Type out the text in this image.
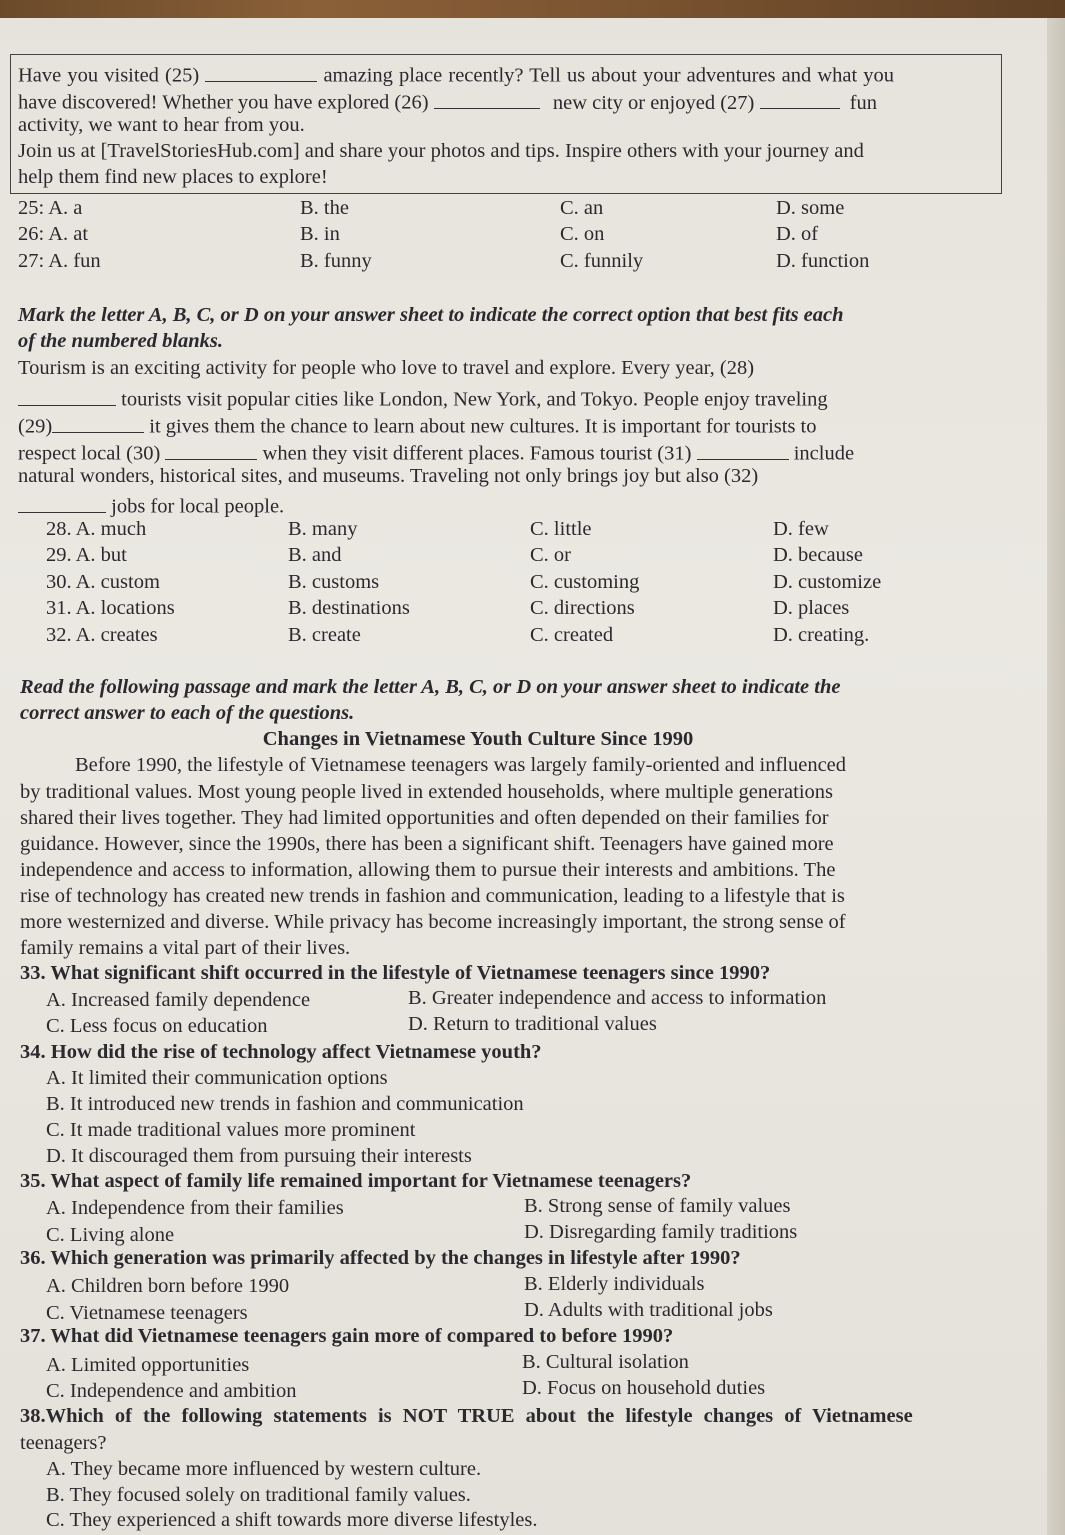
Have you visited (25)	amazing place recently? Tell us about your adventures and what you
have discovered! Whether you have explored (26)	new city or enjoyed (27)	fun
activity, we want to hear from you.
Join us at [TravelStoriesHub.com] and share your photos and tips. Inspire others with your journey and
help them find new places to explore!
25: A. a	B. the	C. an	D. some
26: A. at	B. in	C. on	D. of
27: A. fun	B. funny	C. funnily	D. function
Mark the letter A, B, C, or D on your answer sheet to indicate the correct option that best fits each
of the numbered blanks.
Tourism is an exciting activity for people who love to travel and explore. Every year, (28)
tourists visit popular cities like London, New York, and Tokyo. People enjoy traveling
(29)	it gives them the chance to learn about new cultures. It is important for tourists to
respect local (30)	when they visit different places. Famous tourist (31)	include
natural wonders, historical sites, and museums. Traveling not only brings joy but also (32)
jobs for local people.
28. A. much	B. many	C. little	D. few
29. A. but	B. and	C. or	D. because
30. A. custom	B. customs	C. customing	D. customize
31. A. locations	B. destinations	C. directions	D. places
32. A. creates	B. create	C. created	D. creating.
Read the following passage and mark the letter A, B, C, or D on your answer sheet to indicate the
correct answer to each of the questions.
Changes in Vietnamese Youth Culture Since 1990
Before 1990, the lifestyle of Vietnamese teenagers was largely family-oriented and influenced
by traditional values. Most young people lived in extended households, where multiple generations
shared their lives together. They had limited opportunities and often depended on their families for
guidance. However, since the 1990s, there has been a significant shift. Teenagers have gained more
independence and access to information, allowing them to pursue their interests and ambitions. The
rise of technology has created new trends in fashion and communication, leading to a lifestyle that is
more westernized and diverse. While privacy has become increasingly important, the strong sense of
family remains a vital part of their lives.
33. What significant shift occurred in the lifestyle of Vietnamese teenagers since 1990?
A. Increased family dependence	B. Greater independence and access to information
C. Less focus on education	D. Return to traditional values
34. How did the rise of technology affect Vietnamese youth?
A. It limited their communication options
B. It introduced new trends in fashion and communication
C. It made traditional values more prominent
D. It discouraged them from pursuing their interests
35. What aspect of family life remained important for Vietnamese teenagers?
A. Independence from their families	B. Strong sense of family values
C. Living alone	D. Disregarding family traditions
36. Which generation was primarily affected by the changes in lifestyle after 1990?
A. Children born before 1990	B. Elderly individuals
C. Vietnamese teenagers	D. Adults with traditional jobs
37. What did Vietnamese teenagers gain more of compared to before 1990?
A. Limited opportunities	B. Cultural isolation
C. Independence and ambition	D. Focus on household duties
38.Which of the following statements is NOT TRUE about the lifestyle changes of Vietnamese
teenagers?
A. They became more influenced by western culture.
B. They focused solely on traditional family values.
C. They experienced a shift towards more diverse lifestyles.
